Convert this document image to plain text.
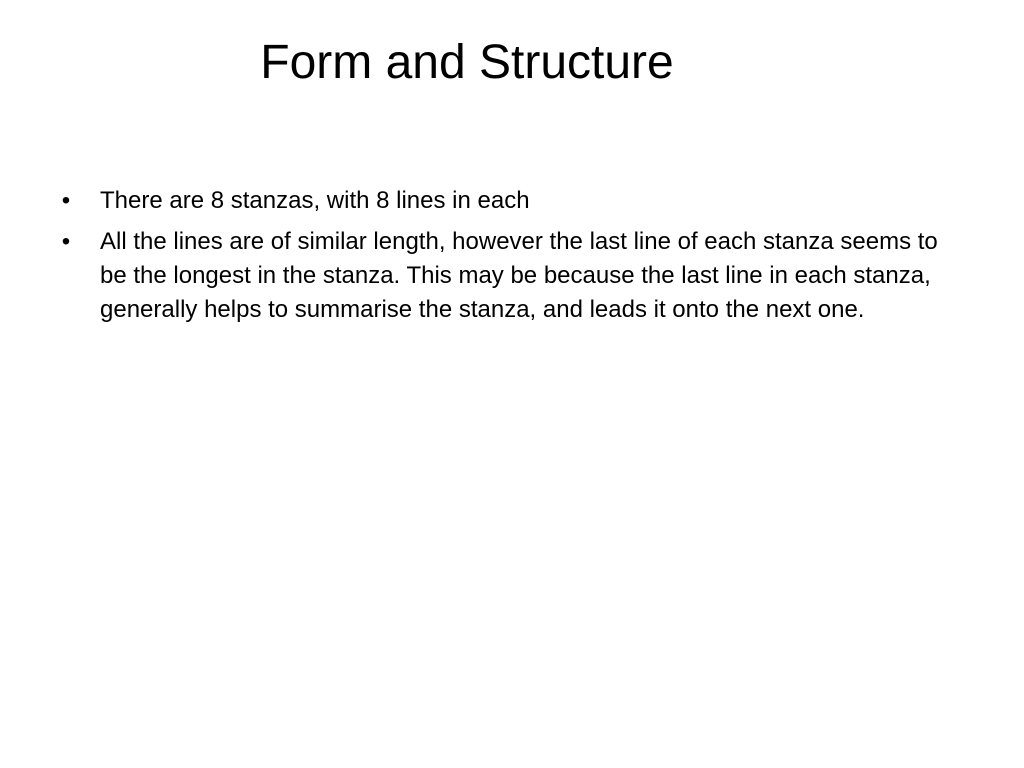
Form and Structure
• There are 8 stanzas, with 8 lines in each
• All the lines are of similar length, however the last line of each stanza seems to be the longest in the stanza. This may be because the last line in each stanza, generally helps to summarise the stanza, and leads it onto the next one.
